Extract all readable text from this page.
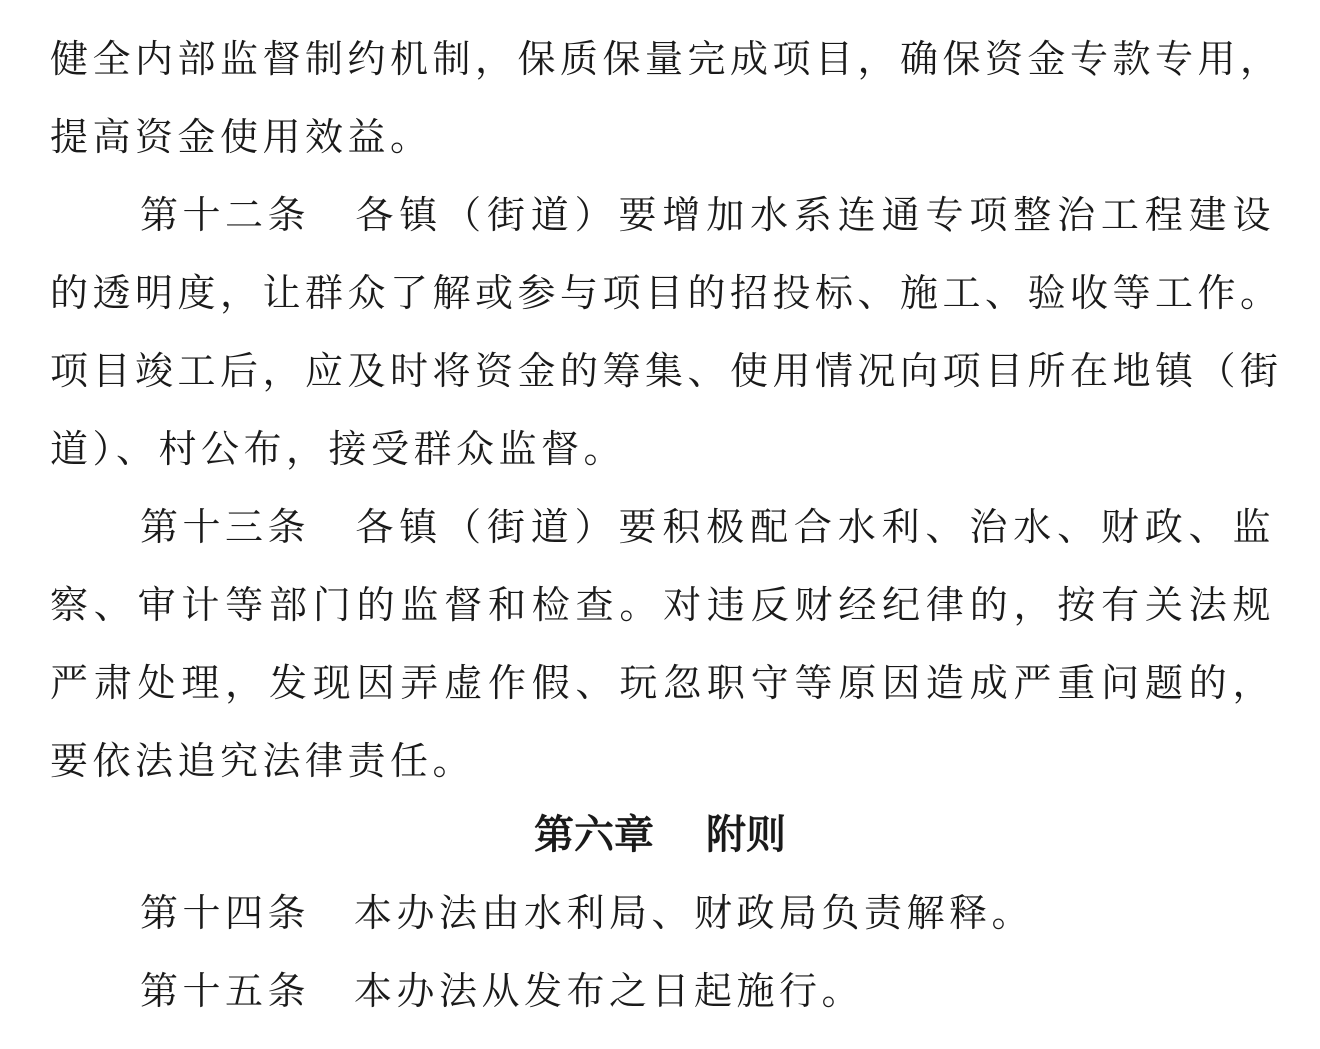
健全内部监督制约机制，保质保量完成项目，确保资金专款专用，
提高资金使用效益。
第十二条 各镇（街道）要增加水系连通专项整治工程建设
的透明度，让群众了解或参与项目的招投标、施工、验收等工作。
项目竣工后，应及时将资金的筹集、使用情况向项目所在地镇（街
道）、村公布，接受群众监督。
第十三条 各镇（街道）要积极配合水利、治水、财政、监
察、审计等部门的监督和检查。对违反财经纪律的，按有关法规
严肃处理，发现因弄虚作假、玩忽职守等原因造成严重问题的，
要依法追究法律责任。
第六章 附则
第十四条 本办法由水利局、财政局负责解释。
第十五条 本办法从发布之日起施行。
